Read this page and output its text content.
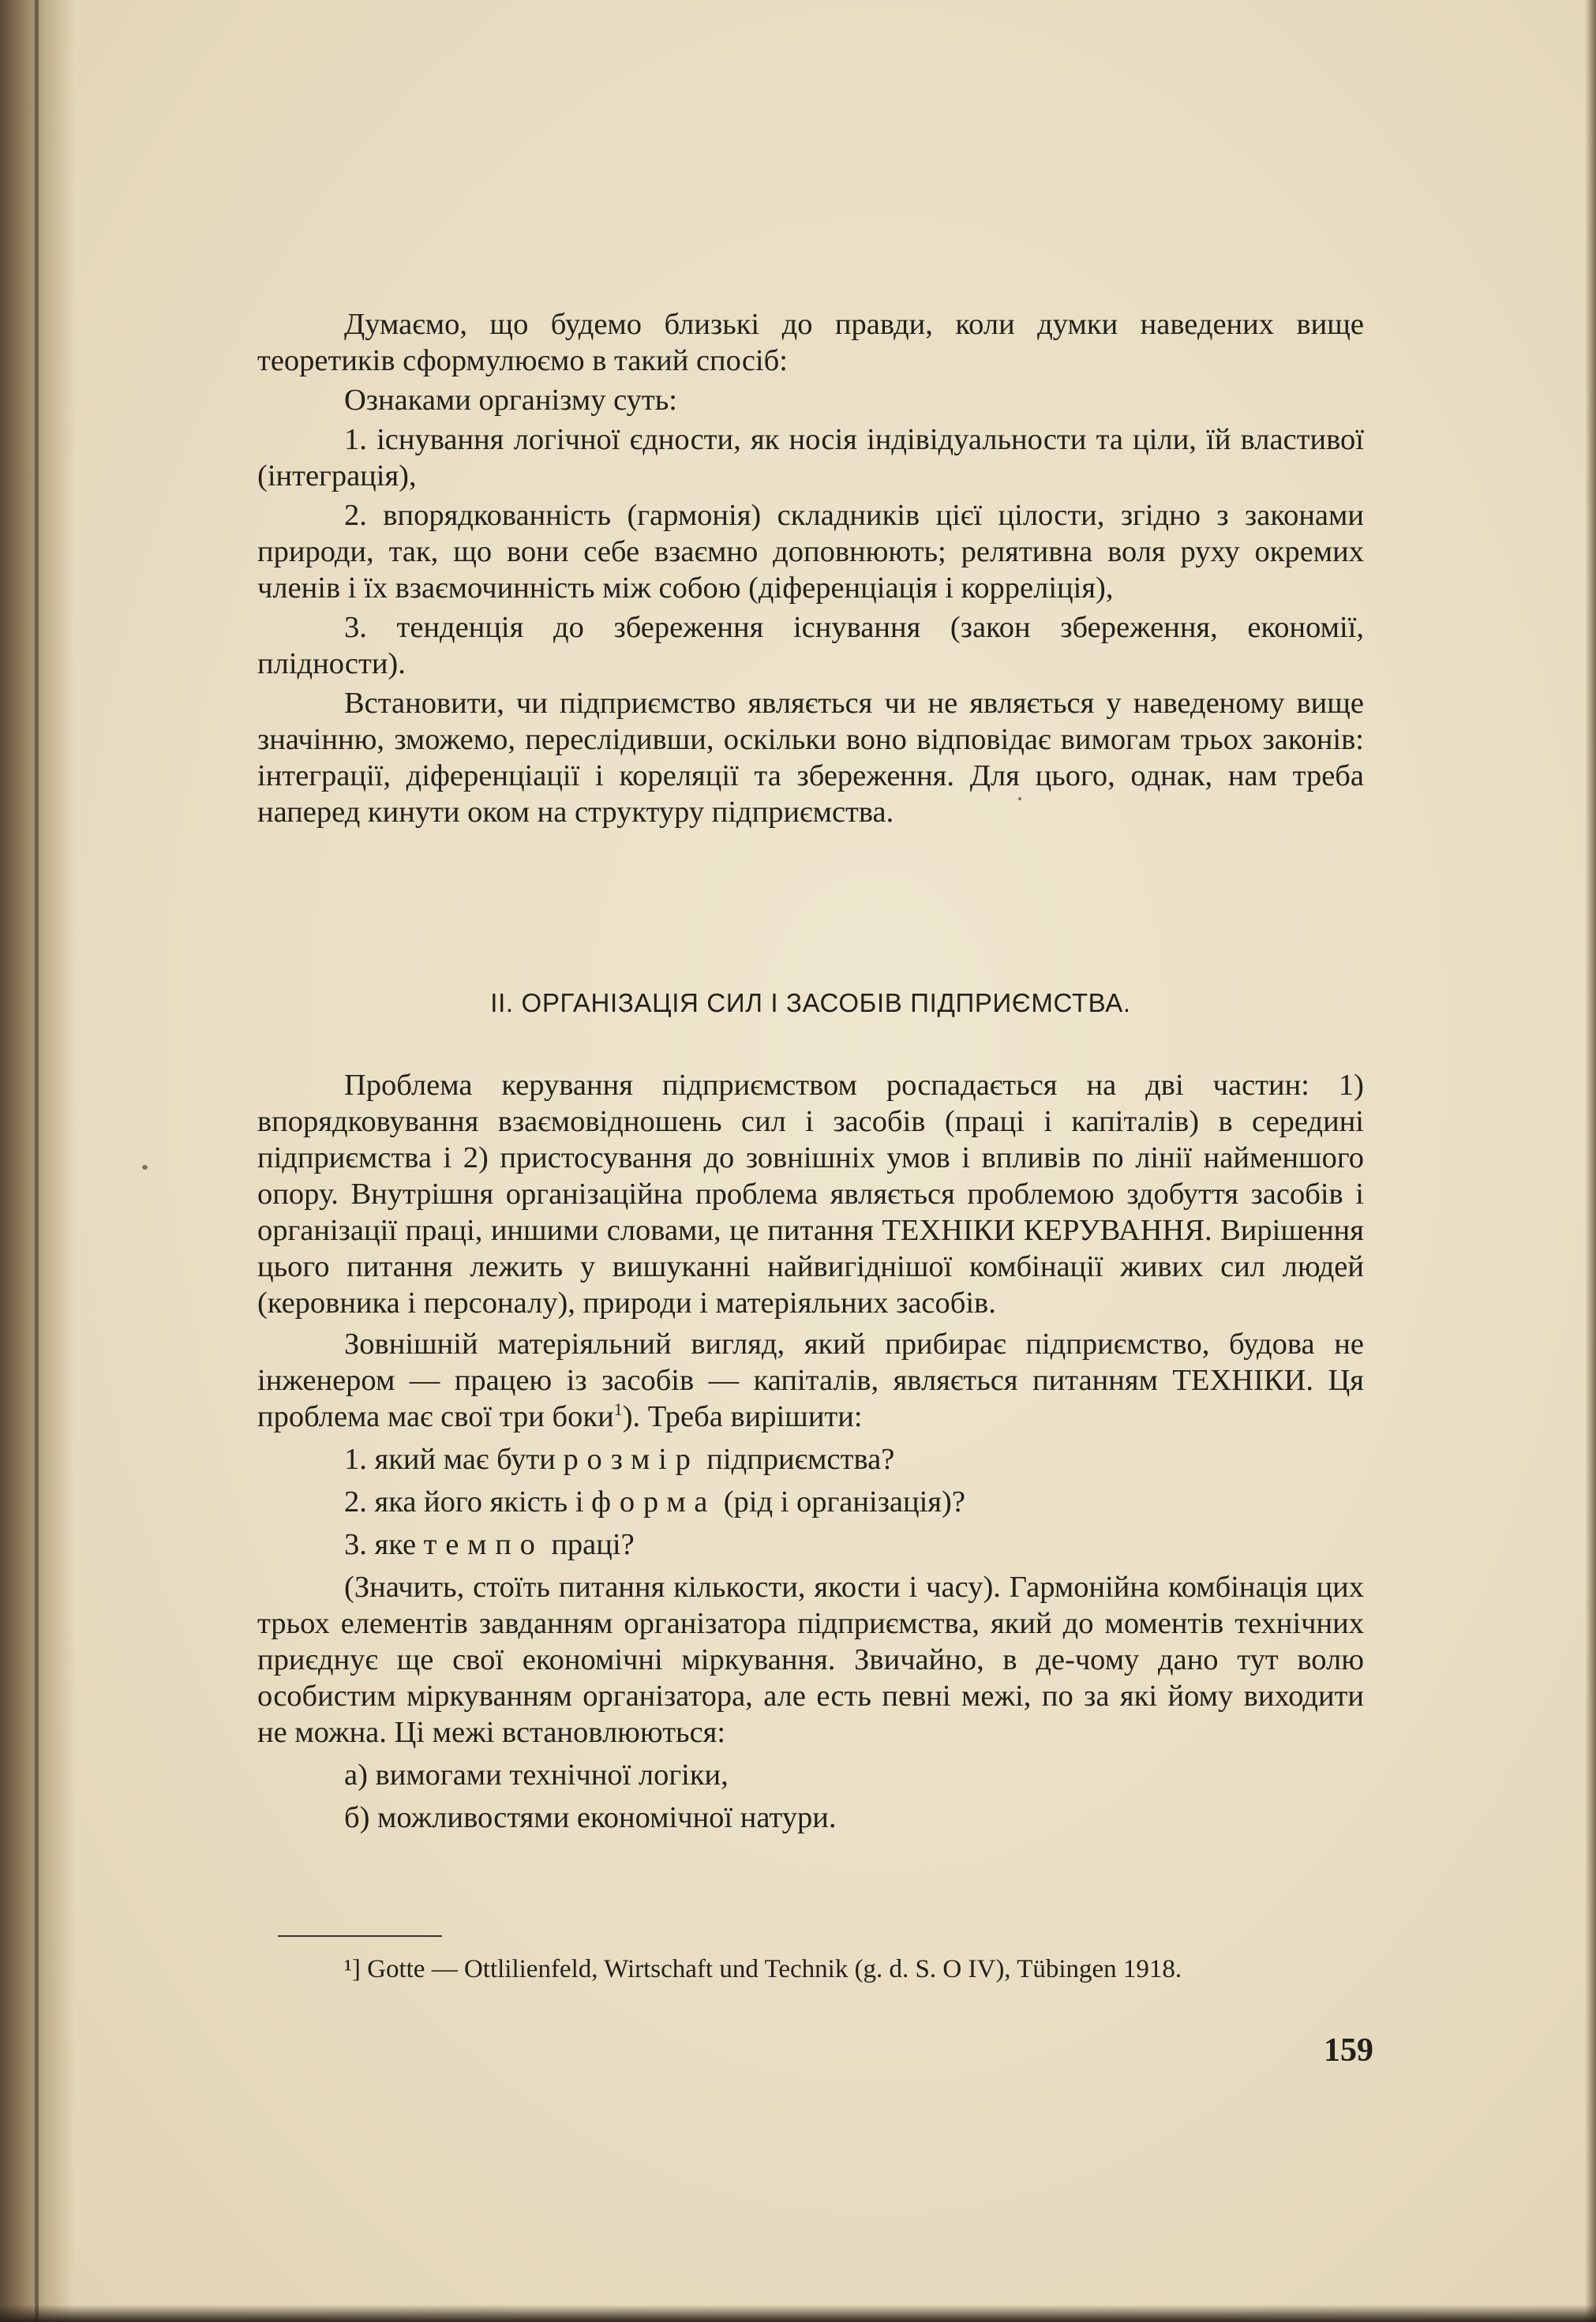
Думаємо, що будемо близькі до правди, коли думки наведених вище теоретиків сформулюємо в такий спосіб:

Ознаками організму суть:

1. існування логічної єдности, як носія індівідуальности та ціли, їй властивої (інтеграція),

2. впорядкованність (гармонія) складників цієї цілости, згідно з законами природи, так, що вони себе взаємно доповнюють; релятивна воля руху окремих членів і їх взаємочинність між собою (діференціація і корреліція),

3. тенденція до збереження існування (закон збереження, економії, плідности).

Встановити, чи підприємство являється чи не являється у наведеному вище значінню, зможемо, перeслідивши, оскільки воно відповідає вимогам трьох законів: інтеграції, діференціації і кореляції та збереження. Для цього, однак, нам треба наперед кинути оком на структуру підприємства.

II. ОРГАНІЗАЦІЯ СИЛ І ЗАСОБІВ ПІДПРИЄМСТВА.

Проблема керування підприємством роспадається на дві частин: 1) впорядковування взаємовідношень сил і засобів (праці і капіталів) в середині підприємства і 2) пристосування до зовнішніх умов і впливів по лінії найменшого опору. Внутрішня організаційна проблема являється проблемою здобуття засобів і організації праці, иншими словами, це питання ТЕХНІКИ КЕРУВАННЯ. Вирішення цього питання лежить у вишуканні найвигіднішої комбінації живих сил людей (керовника і персоналу), природи і матеріяльних засобів.

Зовнішній матеріяльний вигляд, який прибирає підприємство, будова не інженером — працею із засобів — капіталів, являється питанням ТЕХНІКИ. Ця проблема має свої три боки$^1$). Треба вирішити:

1. який має бути розмір підприємства?

2. яка його якість і форма (рід і організація)?

3. яке темпо праці?

(Значить, стоїть питання кількости, якости і часу). Гармонійна комбінація цих трьох елементів завданням організатора підприємства, який до моментів технічних приєднує ще свої економічні міркування. Звичайно, в де-чому дано тут волю особистим міркуванням організатора, але есть певні межі, по за які йому виходити не можна. Ці межі встановлюються:

а) вимогами технічної логіки,

б) можливостями економічної натури.

¹] Gotte — Ottlilienfeld, Wirtschaft und Technik (g. d. S. O IV), Tübingen 1918.
159
